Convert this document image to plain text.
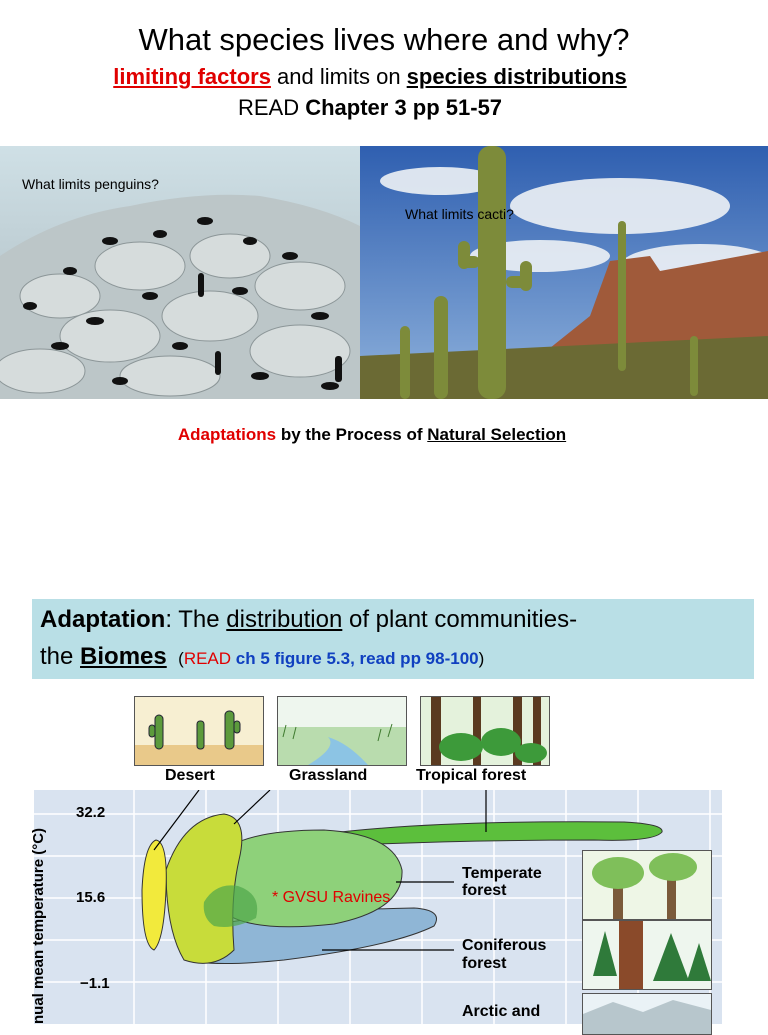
What species lives where and why?
limiting factors and limits on species distributions
READ Chapter 3 pp 51-57
What limits penguins?
What limits cacti?
Adaptations by the Process of Natural Selection
Adaptation: The distribution of plant communities-
the Biomes (READ ch 5 figure 5.3, read pp 98-100)
Desert	Grassland	Tropical forest
nual mean temperature (°C)
32.2
15.6
−1.1
* GVSU Ravines
Temperate
forest
Coniferous
forest
Arctic and
